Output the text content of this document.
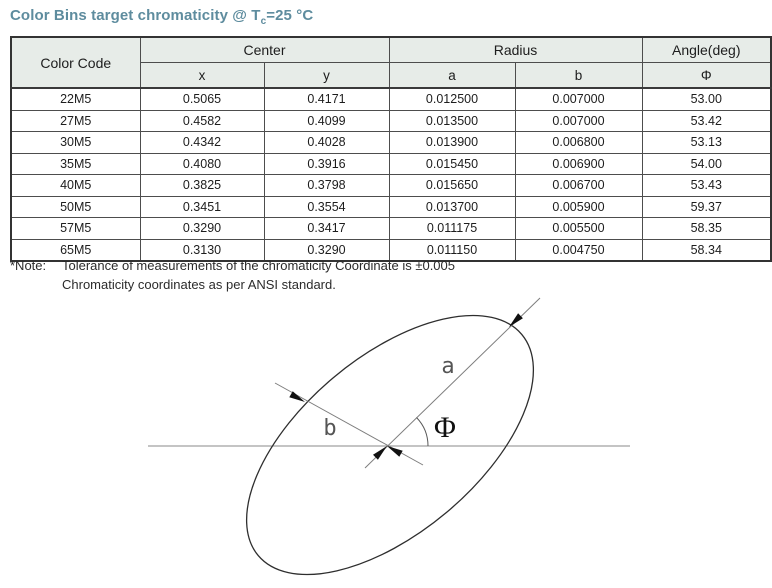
Color Bins target chromaticity @ $T_c=25$ °C
Color Code	Center		Radius		Angle(deg)
	x	y	a	b	Φ
22M5	0.5065	0.4171	0.012500	0.007000	53.00
27M5	0.4582	0.4099	0.013500	0.007000	53.42
30M5	0.4342	0.4028	0.013900	0.006800	53.13
35M5	0.4080	0.3916	0.015450	0.006900	54.00
40M5	0.3825	0.3798	0.015650	0.006700	53.43
50M5	0.3451	0.3554	0.013700	0.005900	59.37
57M5	0.3290	0.3417	0.011175	0.005500	58.35
65M5	0.3130	0.3290	0.011150	0.004750	58.34
*Note: Tolerance of measurements of the chromaticity Coordinate is ±0.005
Chromaticity coordinates as per ANSI standard.
a
b	Φ
